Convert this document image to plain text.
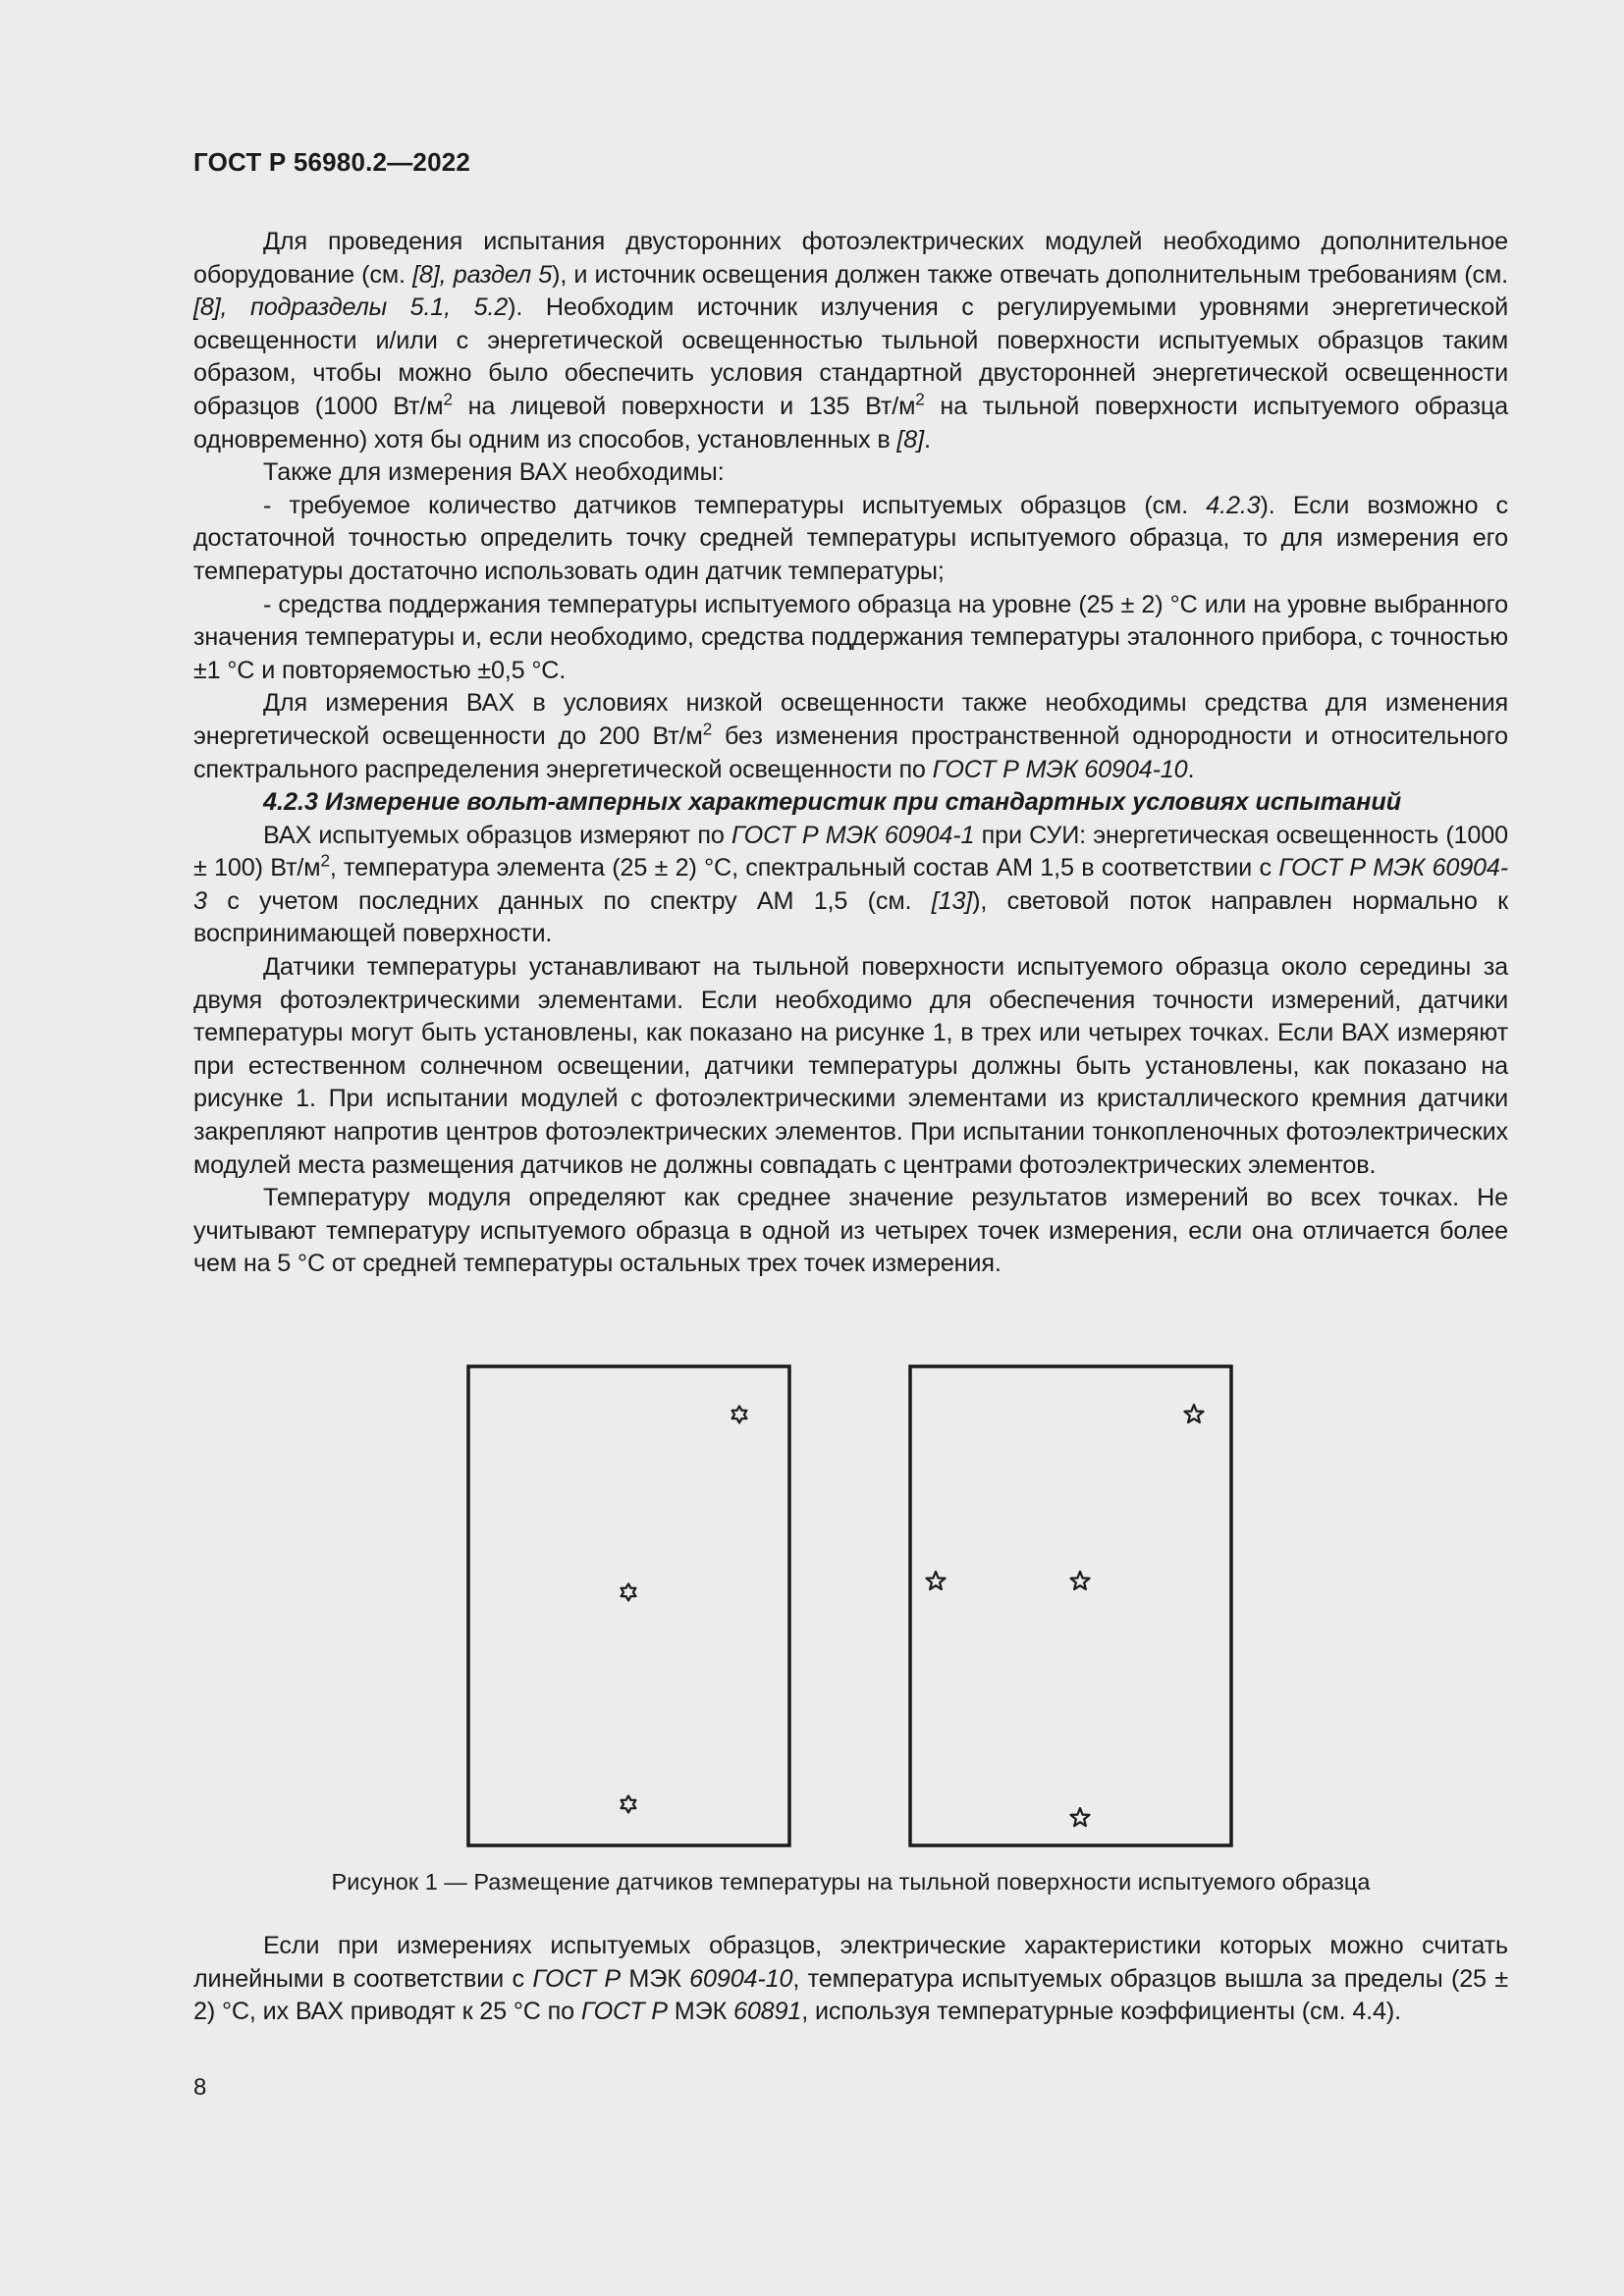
ГОСТ Р 56980.2—2022

Для проведения испытания двусторонних фотоэлектрических модулей необходимо дополнительное оборудование (см. [8], раздел 5), и источник освещения должен также отвечать дополнительным требованиям (см. [8], подразделы 5.1, 5.2). Необходим источник излучения с регулируемыми уровнями энергетической освещенности и/или с энергетической освещенностью тыльной поверхности испытуемых образцов таким образом, чтобы можно было обеспечить условия стандартной двусторонней энергетической освещенности образцов (1000 $Вт/м^2$ на лицевой поверхности и 135 $Вт/м^2$ на тыльной поверхности испытуемого образца одновременно) хотя бы одним из способов, установленных в [8].

Также для измерения ВАХ необходимы:

- требуемое количество датчиков температуры испытуемых образцов (см. 4.2.3). Если возможно с достаточной точностью определить точку средней температуры испытуемого образца, то для измерения его температуры достаточно использовать один датчик температуры;

- средства поддержания температуры испытуемого образца на уровне (25 ± 2) °С или на уровне выбранного значения температуры и, если необходимо, средства поддержания температуры эталонного прибора, с точностью ±1 °С и повторяемостью ±0,5 °С.

Для измерения ВАХ в условиях низкой освещенности также необходимы средства для изменения энергетической освещенности до 200 $Вт/м^2$ без изменения пространственной однородности и относительного спектрального распределения энергетической освещенности по ГОСТ Р МЭК 60904-10.

4.2.3 Измерение вольт-амперных характеристик при стандартных условиях испытаний

ВАХ испытуемых образцов измеряют по ГОСТ Р МЭК 60904-1 при СУИ: энергетическая освещенность (1000 ± 100) $Вт/м^2$, температура элемента (25 ± 2) °С, спектральный состав АМ 1,5 в соответствии с ГОСТ Р МЭК 60904-3 с учетом последних данных по спектру АМ 1,5 (см. [13]), световой поток направлен нормально к воспринимающей поверхности.

Датчики температуры устанавливают на тыльной поверхности испытуемого образца около середины за двумя фотоэлектрическими элементами. Если необходимо для обеспечения точности измерений, датчики температуры могут быть установлены, как показано на рисунке 1, в трех или четырех точках. Если ВАХ измеряют при естественном солнечном освещении, датчики температуры должны быть установлены, как показано на рисунке 1. При испытании модулей с фотоэлектрическими элементами из кристаллического кремния датчики закрепляют напротив центров фотоэлектрических элементов. При испытании тонкопленочных фотоэлектрических модулей места размещения датчиков не должны совпадать с центрами фотоэлектрических элементов.

Температуру модуля определяют как среднее значение результатов измерений во всех точках. Не учитывают температуру испытуемого образца в одной из четырех точек измерения, если она отличается более чем на 5 °С от средней температуры остальных трех точек измерения.

Рисунок 1 — Размещение датчиков температуры на тыльной поверхности испытуемого образца

Если при измерениях испытуемых образцов, электрические характеристики которых можно считать линейными в соответствии с ГОСТ Р МЭК 60904-10, температура испытуемых образцов вышла за пределы (25 ± 2) °С, их ВАХ приводят к 25 °С по ГОСТ Р МЭК 60891, используя температурные коэффициенты (см. 4.4).

8
